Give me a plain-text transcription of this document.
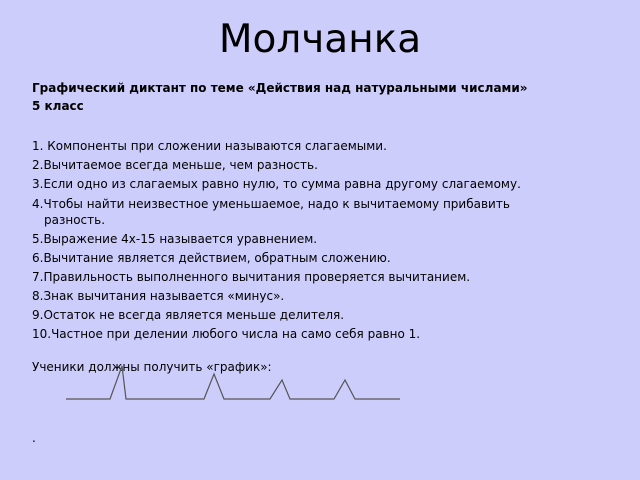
Молчанка
Графический диктант по теме «Действия над натуральными числами»
5 класс
1. Компоненты при сложении называются слагаемыми.
2.Вычитаемое всегда меньше, чем разность.
3.Если одно из слагаемых равно нулю, то сумма равна другому слагаемому.
4.Чтобы найти неизвестное уменьшаемое, надо к вычитаемому прибавить
разность.
5.Выражение 4х-15 называется уравнением.
6.Вычитание является действием, обратным сложению.
7.Правильность выполненного вычитания проверяется вычитанием.
8.Знак вычитания называется «минус».
9.Остаток не всегда является меньше делителя.
10.Частное при делении любого числа на само себя равно 1.
Ученики должны получить «график»:
.
